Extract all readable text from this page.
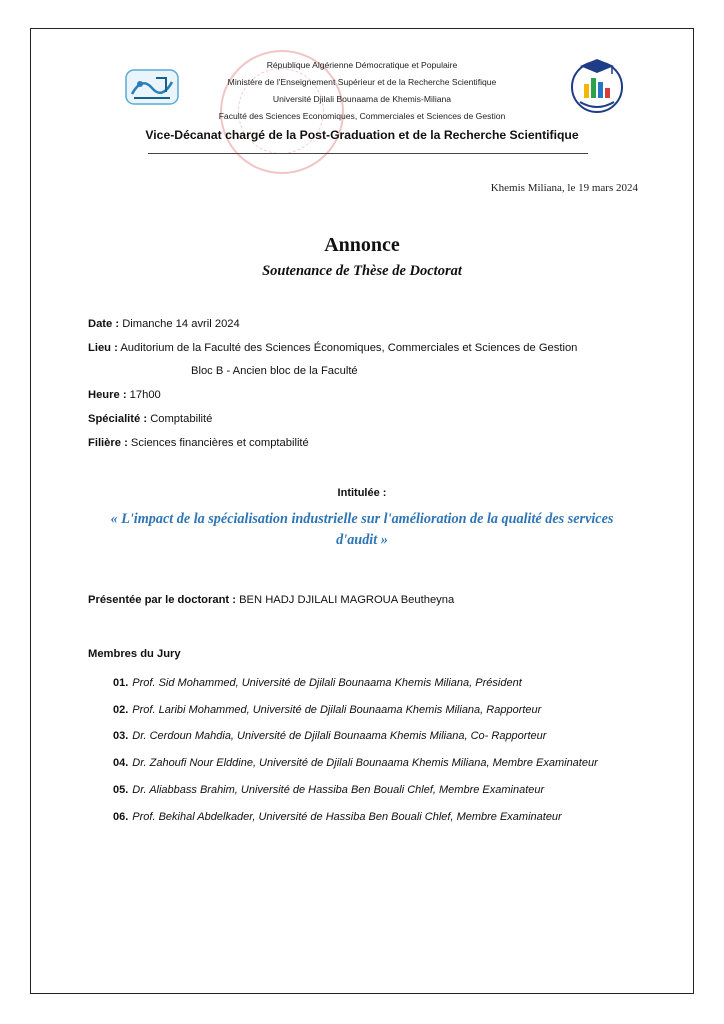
République Algérienne Démocratique et Populaire
Ministère de l'Enseignement Supérieur et de la Recherche Scientifique
Université Djilali Bounaama de Khemis-Miliana
Faculté des Sciences Economiques, Commerciales et Sciences de Gestion
Vice-Décanat chargé de la Post-Graduation et de la Recherche Scientifique
Khemis Miliana, le 19 mars 2024
Annonce
Soutenance de Thèse de Doctorat
Date : Dimanche 14 avril 2024
Lieu : Auditorium de la Faculté des Sciences Économiques, Commerciales et Sciences de Gestion
Bloc B - Ancien bloc de la Faculté
Heure : 17h00
Spécialité : Comptabilité
Filière : Sciences financières et comptabilité
Intitulée :
« L'impact de la spécialisation industrielle sur l'amélioration de la qualité des services d'audit »
Présentée par le doctorant : BEN HADJ DJILALI MAGROUA Beutheyna
Membres du Jury
01. Prof. Sid Mohammed, Université de Djilali Bounaama Khemis Miliana, Président
02. Prof. Laribi Mohammed, Université de Djilali Bounaama Khemis Miliana, Rapporteur
03. Dr. Cerdoun Mahdia, Université de Djilali Bounaama Khemis Miliana, Co- Rapporteur
04. Dr. Zahoufi Nour Elddine, Université de Djilali Bounaama Khemis Miliana, Membre Examinateur
05. Dr. Aliabbass Brahim, Université de Hassiba Ben Bouali Chlef, Membre Examinateur
06. Prof. Bekihal Abdelkader, Université de Hassiba Ben Bouali Chlef, Membre Examinateur
